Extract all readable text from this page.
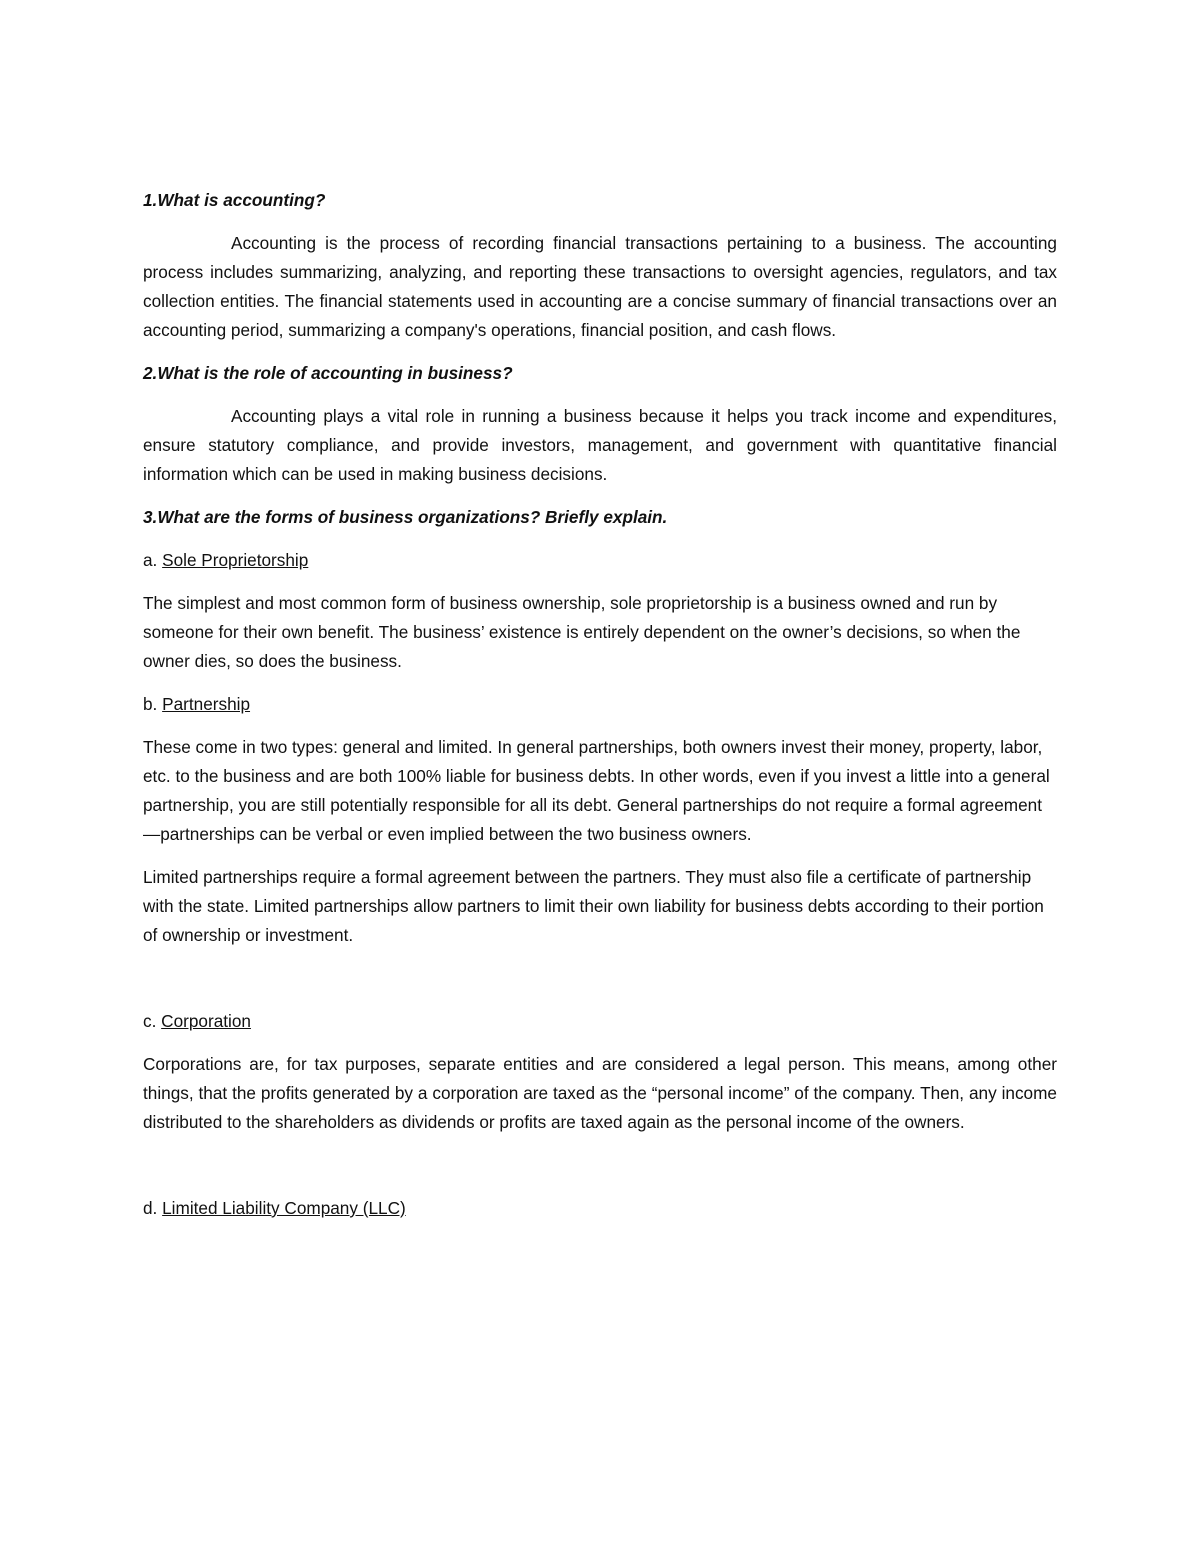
1.What is accounting?
Accounting is the process of recording financial transactions pertaining to a business. The accounting process includes summarizing, analyzing, and reporting these transactions to oversight agencies, regulators, and tax collection entities. The financial statements used in accounting are a concise summary of financial transactions over an accounting period, summarizing a company's operations, financial position, and cash flows.
2.What is the role of accounting in business?
Accounting plays a vital role in running a business because it helps you track income and expenditures, ensure statutory compliance, and provide investors, management, and government with quantitative financial information which can be used in making business decisions.
3.What are the forms of business organizations? Briefly explain.
a. Sole Proprietorship
The simplest and most common form of business ownership, sole proprietorship is a business owned and run by someone for their own benefit. The business’ existence is entirely dependent on the owner’s decisions, so when the owner dies, so does the business.
b. Partnership
These come in two types: general and limited. In general partnerships, both owners invest their money, property, labor, etc. to the business and are both 100% liable for business debts. In other words, even if you invest a little into a general partnership, you are still potentially responsible for all its debt. General partnerships do not require a formal agreement—partnerships can be verbal or even implied between the two business owners.
Limited partnerships require a formal agreement between the partners. They must also file a certificate of partnership with the state. Limited partnerships allow partners to limit their own liability for business debts according to their portion of ownership or investment.
c. Corporation
Corporations are, for tax purposes, separate entities and are considered a legal person. This means, among other things, that the profits generated by a corporation are taxed as the “personal income” of the company. Then, any income distributed to the shareholders as dividends or profits are taxed again as the personal income of the owners.
d. Limited Liability Company (LLC)
